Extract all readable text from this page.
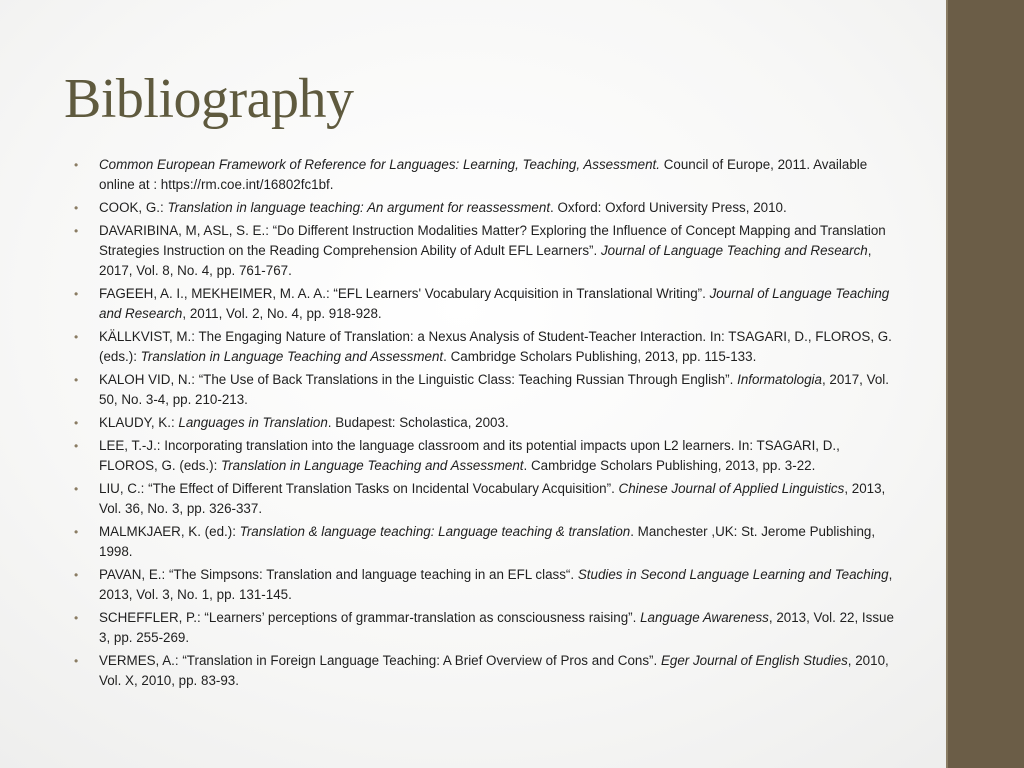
Bibliography
• Common European Framework of Reference for Languages: Learning, Teaching, Assessment. Council of Europe, 2011. Available online at : https://rm.coe.int/16802fc1bf.
• COOK, G.: Translation in language teaching: An argument for reassessment. Oxford: Oxford University Press, 2010.
• DAVARIBINA, M, ASL, S. E.: “Do Different Instruction Modalities Matter? Exploring the Influence of Concept Mapping and Translation Strategies Instruction on the Reading Comprehension Ability of Adult EFL Learners”. Journal of Language Teaching and Research, 2017, Vol. 8, No. 4, pp. 761-767.
• FAGEEH, A. I., MEKHEIMER, M. A. A.: “EFL Learners' Vocabulary Acquisition in Translational Writing”. Journal of Language Teaching and Research, 2011, Vol. 2, No. 4, pp. 918-928.
• KÄLLKVIST, M.: The Engaging Nature of Translation: a Nexus Analysis of Student-Teacher Interaction. In: TSAGARI, D., FLOROS, G. (eds.): Translation in Language Teaching and Assessment. Cambridge Scholars Publishing, 2013, pp. 115-133.
• KALOH VID, N.: “The Use of Back Translations in the Linguistic Class: Teaching Russian Through English”. Informatologia, 2017, Vol. 50, No. 3-4, pp. 210-213.
• KLAUDY, K.: Languages in Translation. Budapest: Scholastica, 2003.
• LEE, T.-J.: Incorporating translation into the language classroom and its potential impacts upon L2 learners. In: TSAGARI, D., FLOROS, G. (eds.): Translation in Language Teaching and Assessment. Cambridge Scholars Publishing, 2013, pp. 3-22.
• LIU, C.: “The Effect of Different Translation Tasks on Incidental Vocabulary Acquisition”. Chinese Journal of Applied Linguistics, 2013, Vol. 36, No. 3, pp. 326-337.
• MALMKJAER, K. (ed.): Translation & language teaching: Language teaching & translation. Manchester ,UK: St. Jerome Publishing, 1998.
• PAVAN, E.: “The Simpsons: Translation and language teaching in an EFL class“. Studies in Second Language Learning and Teaching, 2013, Vol. 3, No. 1, pp. 131-145.
• SCHEFFLER, P.: “Learners’ perceptions of grammar-translation as consciousness raising”. Language Awareness, 2013, Vol. 22, Issue 3, pp. 255-269.
• VERMES, A.: “Translation in Foreign Language Teaching: A Brief Overview of Pros and Cons”. Eger Journal of English Studies, 2010, Vol. X, 2010, pp. 83-93.
